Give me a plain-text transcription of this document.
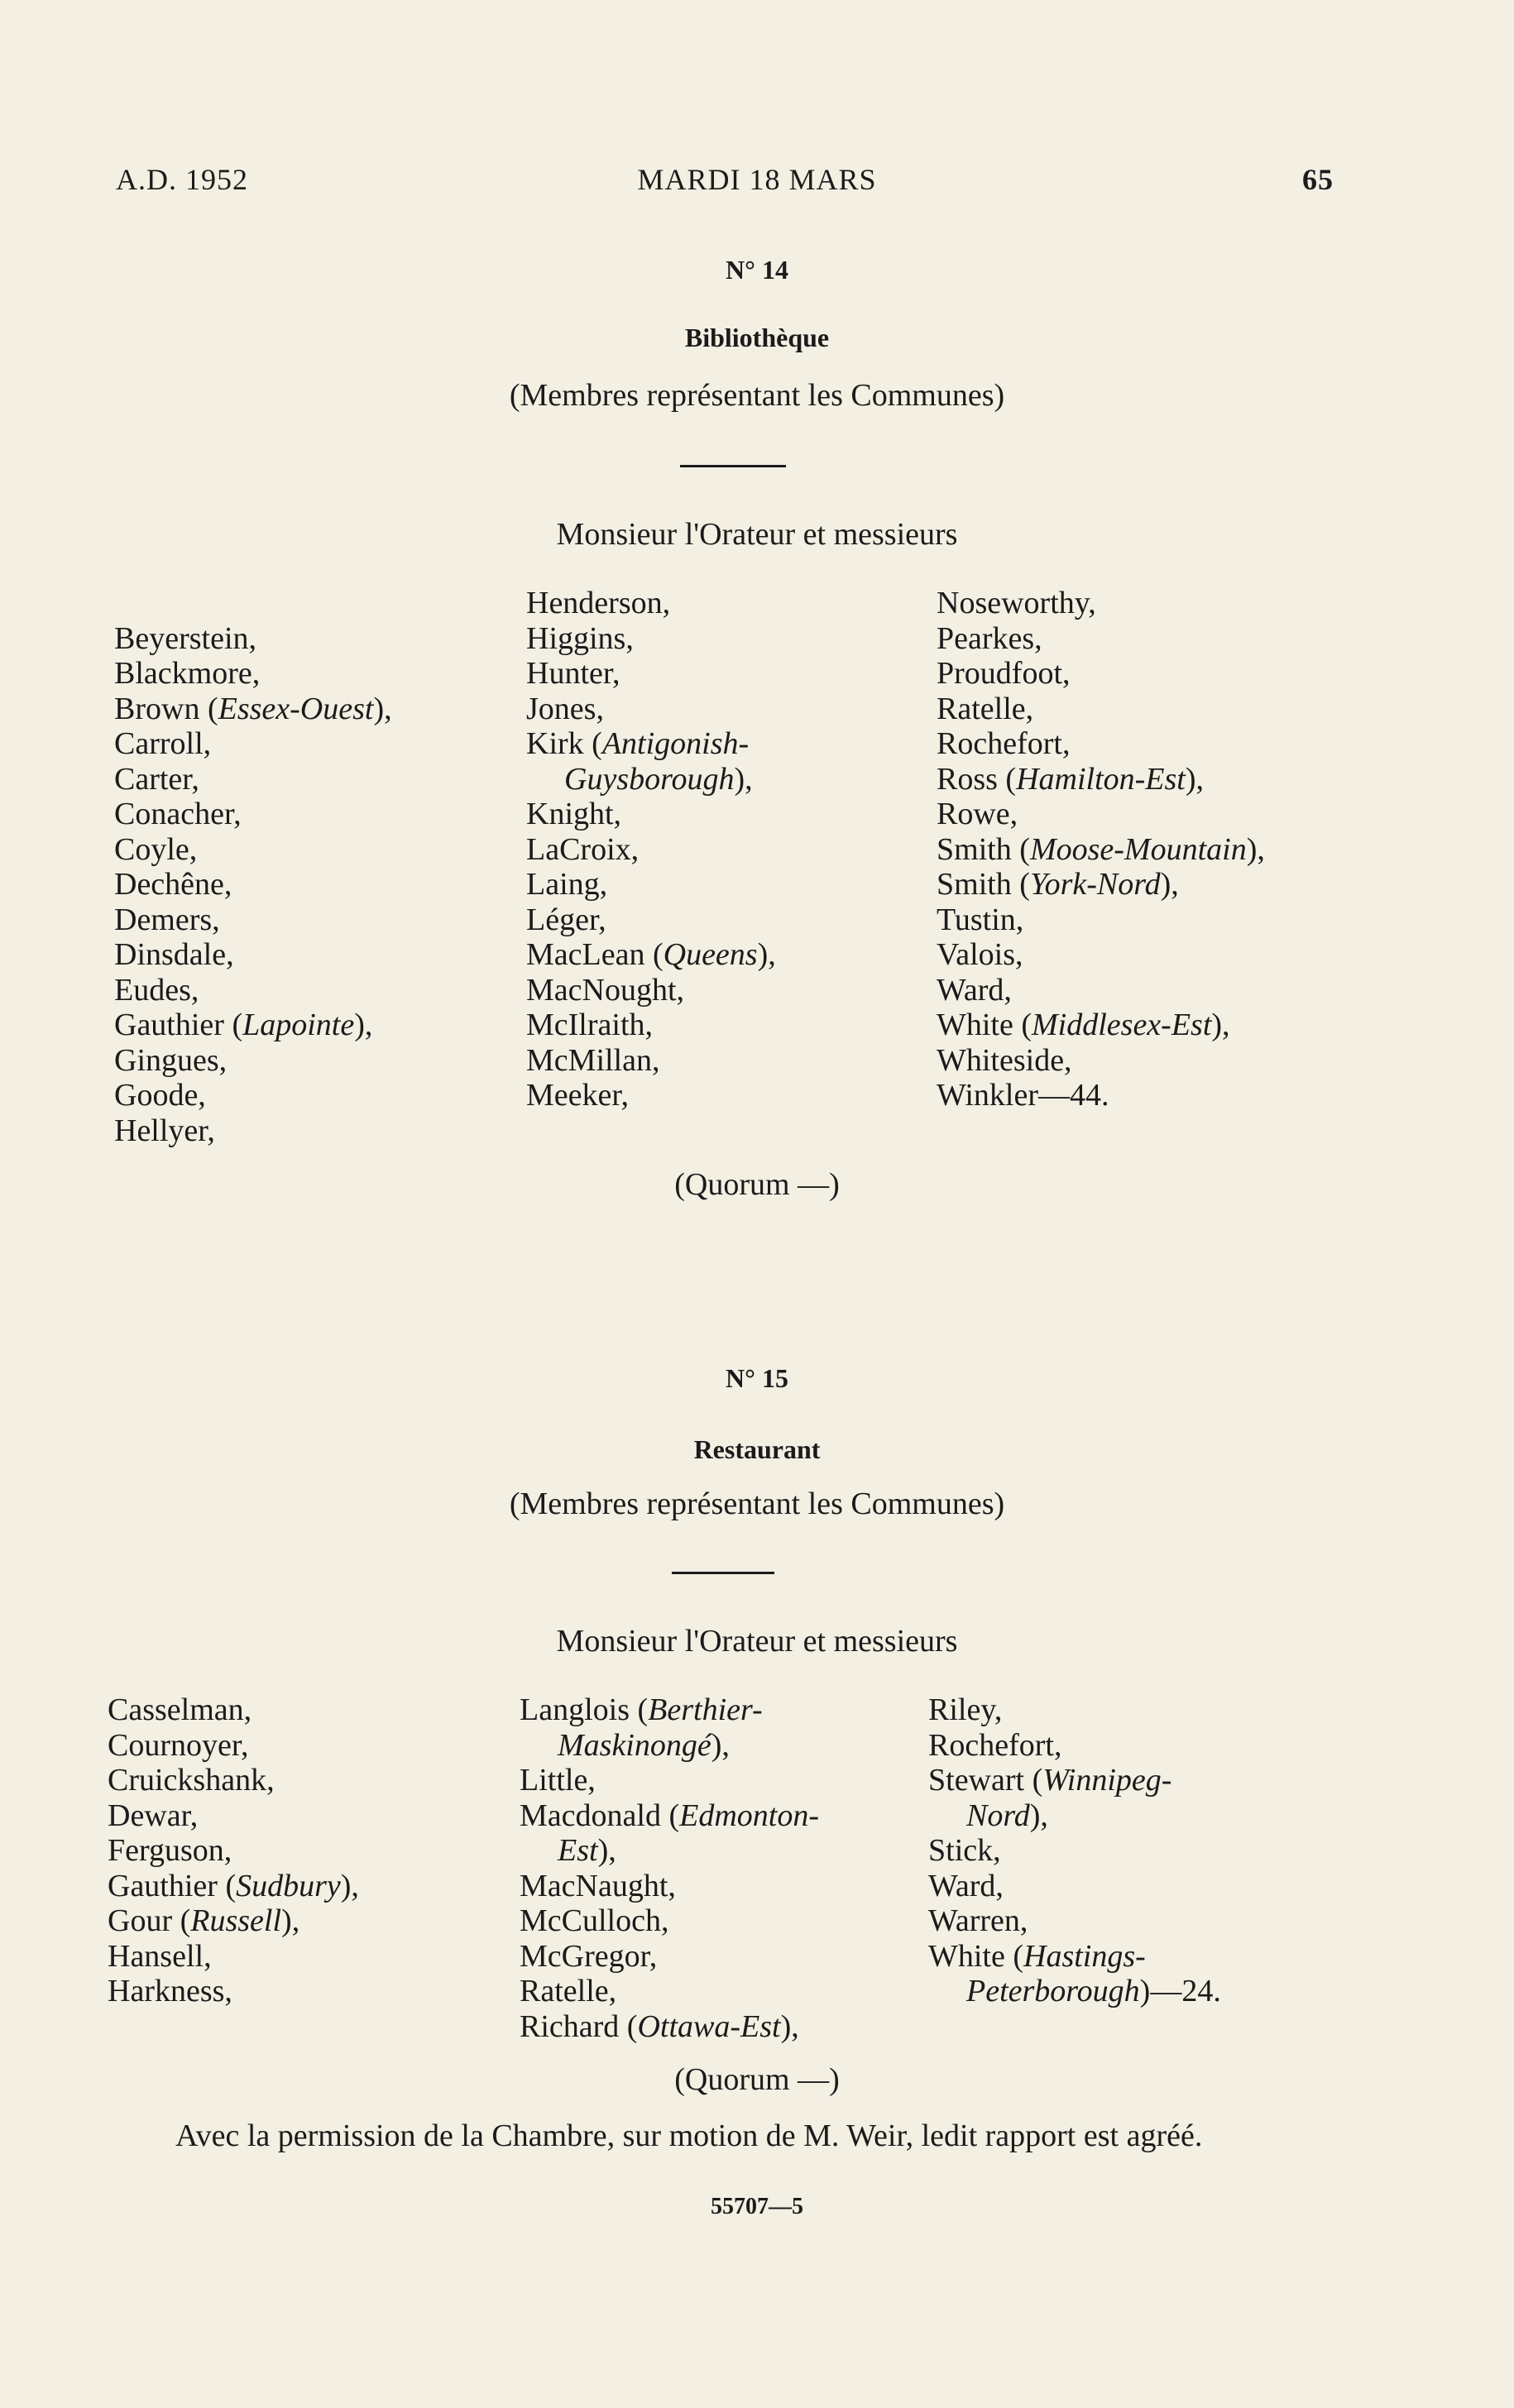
A.D. 1952	MARDI 18 MARS	65
N° 14
Bibliothèque
(Membres représentant les Communes)
Monsieur l'Orateur et messieurs

Beyerstein,
Blackmore,
Brown (Essex-Ouest),
Carroll,
Carter,
Conacher,
Coyle,
Dechêne,
Demers,
Dinsdale,
Eudes,
Gauthier (Lapointe),
Gingues,
Goode,
Hellyer,
Henderson,
Higgins,
Hunter,
Jones,
Kirk (Antigonish-
Guysborough),
Knight,
LaCroix,
Laing,
Léger,
MacLean (Queens),
MacNought,
McIlraith,
McMillan,
Meeker,
Noseworthy,
Pearkes,
Proudfoot,
Ratelle,
Rochefort,
Ross (Hamilton-Est),
Rowe,
Smith (Moose-Mountain),
Smith (York-Nord),
Tustin,
Valois,
Ward,
White (Middlesex-Est),
Whiteside,
Winkler—44.
(Quorum —)
N° 15
Restaurant
(Membres représentant les Communes)
Monsieur l'Orateur et messieurs
Casselman,
Cournoyer,
Cruickshank,
Dewar,
Ferguson,
Gauthier (Sudbury),
Gour (Russell),
Hansell,
Harkness,
Langlois (Berthier-
Maskinongé),
Little,
Macdonald (Edmonton-
Est),
MacNaught,
McCulloch,
McGregor,
Ratelle,
Richard (Ottawa-Est),
Riley,
Rochefort,
Stewart (Winnipeg-
Nord),
Stick,
Ward,
Warren,
White (Hastings-
Peterborough)—24.
(Quorum —)
Avec la permission de la Chambre, sur motion de M. Weir, ledit rapport est agréé.
55707—5
